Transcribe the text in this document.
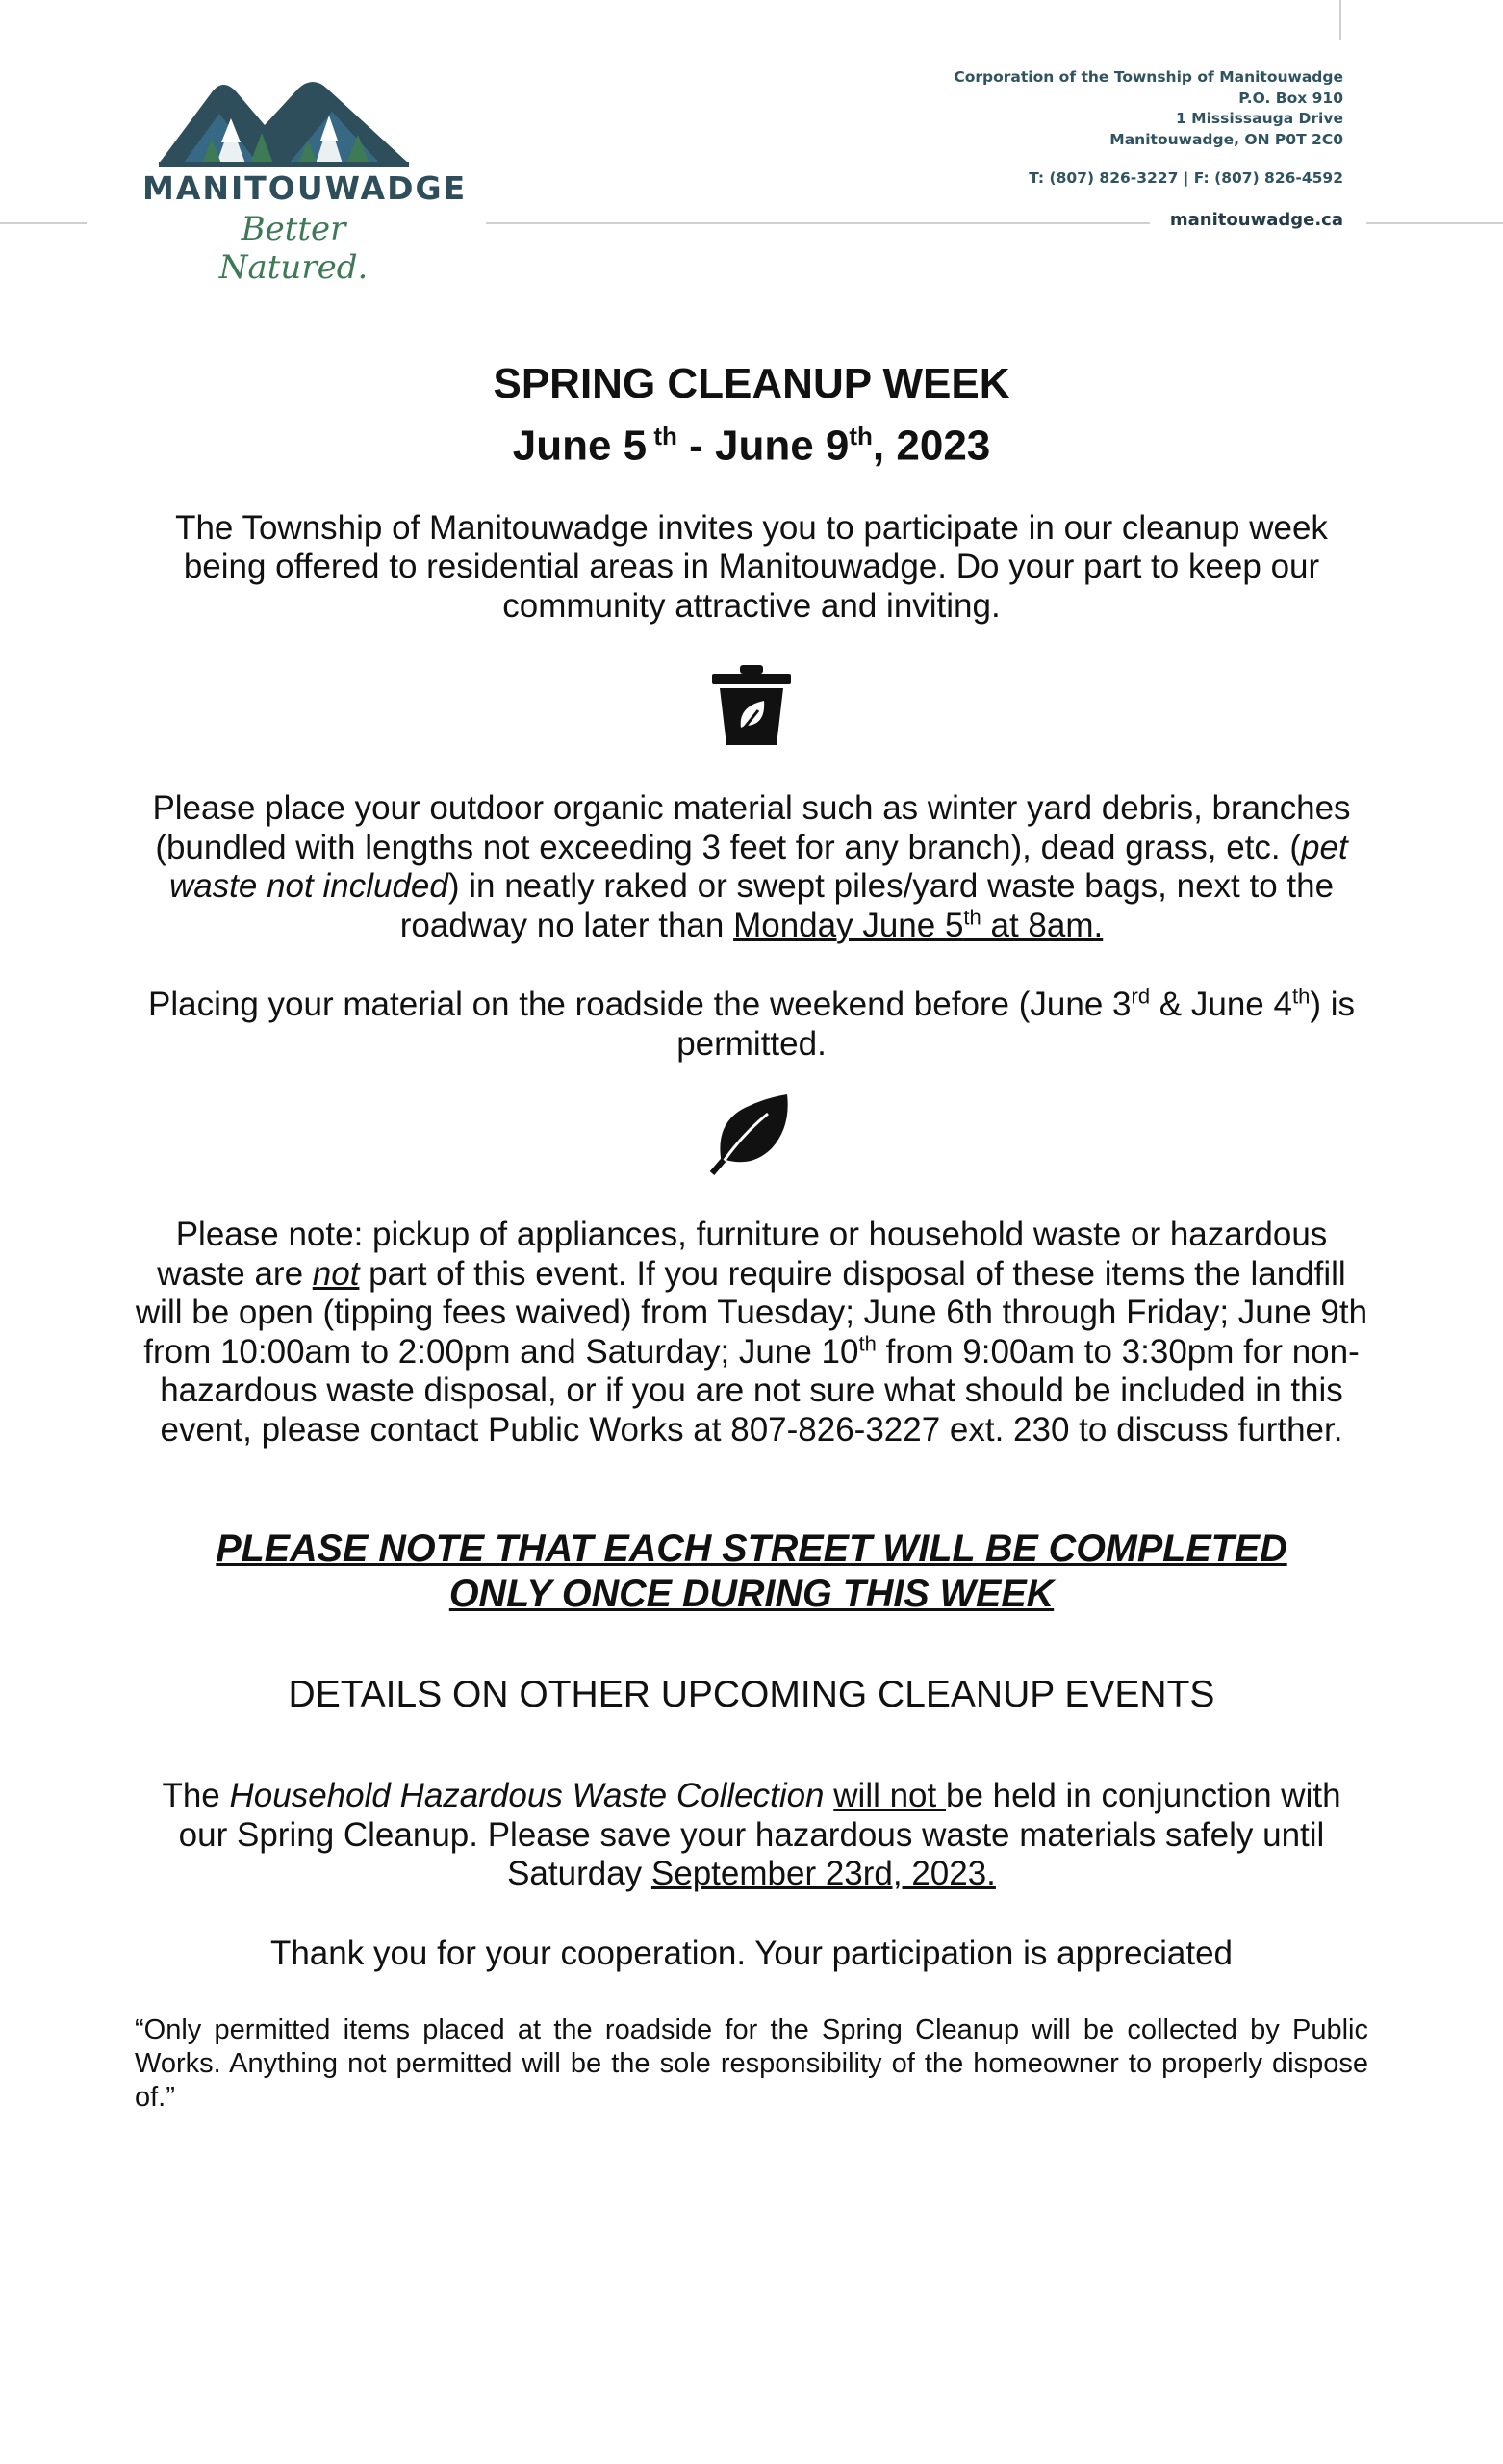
MANITOUWADGE
Better Natured.
Corporation of the Township of Manitouwadge
P.O. Box 910
1 Mississauga Drive
Manitouwadge, ON P0T 2C0
T: (807) 826-3227 | F: (807) 826-4592
manitouwadge.ca
SPRING CLEANUP WEEK
June 5 $^{th}$ - June 9th, 2023
The Township of Manitouwadge invites you to participate in our cleanup week being offered to residential areas in Manitouwadge. Do your part to keep our community attractive and inviting.
Please place your outdoor organic material such as winter yard debris, branches (bundled with lengths not exceeding 3 feet for any branch), dead grass, etc. (pet waste not included) in neatly raked or swept piles/yard waste bags, next to the roadway no later than Monday June 5th at 8am.
Placing your material on the roadside the weekend before (June 3rd & June 4th) is permitted.
Please note: pickup of appliances, furniture or household waste or hazardous waste are not part of this event. If you require disposal of these items the landfill will be open (tipping fees waived) from Tuesday; June 6th through Friday; June 9th from 10:00am to 2:00pm and Saturday; June 10th from 9:00am to 3:30pm for non-hazardous waste disposal, or if you are not sure what should be included in this event, please contact Public Works at 807-826-3227 ext. 230 to discuss further.
PLEASE NOTE THAT EACH STREET WILL BE COMPLETED
ONLY ONCE DURING THIS WEEK
DETAILS ON OTHER UPCOMING CLEANUP EVENTS
The Household Hazardous Waste Collection will not be held in conjunction with our Spring Cleanup. Please save your hazardous waste materials safely until Saturday September 23rd, 2023.
Thank you for your cooperation. Your participation is appreciated
“Only permitted items placed at the roadside for the Spring Cleanup will be collected by Public Works. Anything not permitted will be the sole responsibility of the homeowner to properly dispose of.”
